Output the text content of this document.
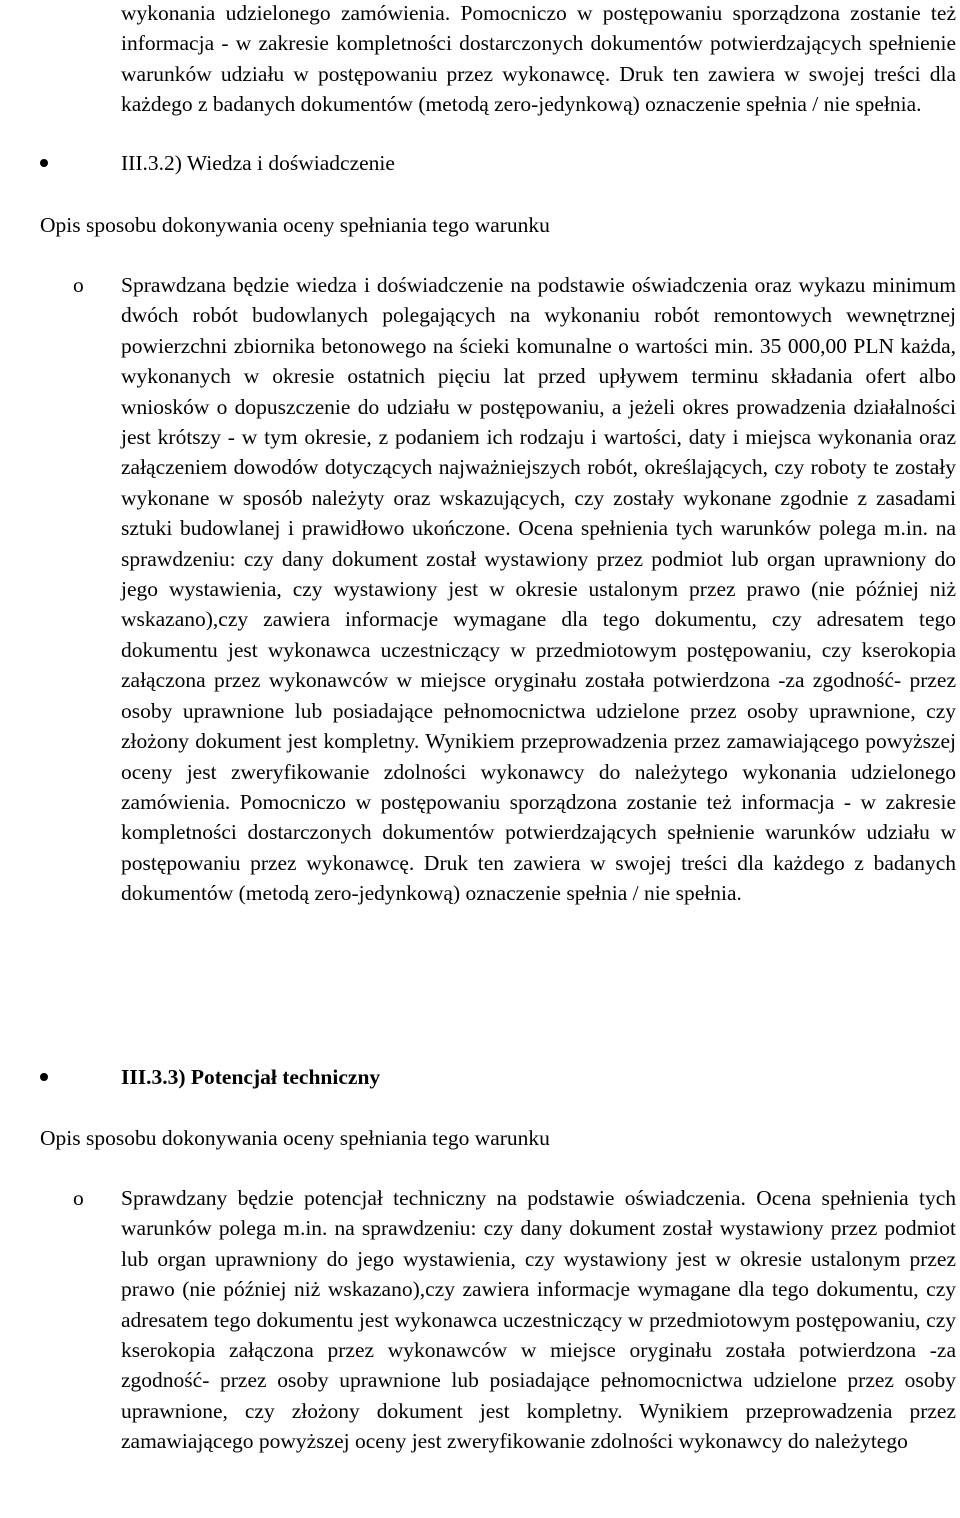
wykonania udzielonego zamówienia. Pomocniczo w postępowaniu sporządzona zostanie też informacja - w zakresie kompletności dostarczonych dokumentów potwierdzających spełnienie warunków udziału w postępowaniu przez wykonawcę. Druk ten zawiera w swojej treści dla każdego z badanych dokumentów (metodą zero-jedynkową) oznaczenie spełnia / nie spełnia.

III.3.2) Wiedza i doświadczenie
Opis sposobu dokonywania oceny spełniania tego warunku
o Sprawdzana będzie wiedza i doświadczenie na podstawie oświadczenia oraz wykazu minimum dwóch robót budowlanych polegających na wykonaniu robót remontowych wewnętrznej powierzchni zbiornika betonowego na ścieki komunalne o wartości min. 35 000,00 PLN każda, wykonanych w okresie ostatnich pięciu lat przed upływem terminu składania ofert albo wniosków o dopuszczenie do udziału w postępowaniu, a jeżeli okres prowadzenia działalności jest krótszy - w tym okresie, z podaniem ich rodzaju i wartości, daty i miejsca wykonania oraz załączeniem dowodów dotyczących najważniejszych robót, określających, czy roboty te zostały wykonane w sposób należyty oraz wskazujących, czy zostały wykonane zgodnie z zasadami sztuki budowlanej i prawidłowo ukończone. Ocena spełnienia tych warunków polega m.in. na sprawdzeniu: czy dany dokument został wystawiony przez podmiot lub organ uprawniony do jego wystawienia, czy wystawiony jest w okresie ustalonym przez prawo (nie później niż wskazano),czy zawiera informacje wymagane dla tego dokumentu, czy adresatem tego dokumentu jest wykonawca uczestniczący w przedmiotowym postępowaniu, czy kserokopia załączona przez wykonawców w miejsce oryginału została potwierdzona -za zgodność- przez osoby uprawnione lub posiadające pełnomocnictwa udzielone przez osoby uprawnione, czy złożony dokument jest kompletny. Wynikiem przeprowadzenia przez zamawiającego powyższej oceny jest zweryfikowanie zdolności wykonawcy do należytego wykonania udzielonego zamówienia. Pomocniczo w postępowaniu sporządzona zostanie też informacja - w zakresie kompletności dostarczonych dokumentów potwierdzających spełnienie warunków udziału w postępowaniu przez wykonawcę. Druk ten zawiera w swojej treści dla każdego z badanych dokumentów (metodą zero-jedynkową) oznaczenie spełnia / nie spełnia.

III.3.3) Potencjał techniczny
Opis sposobu dokonywania oceny spełniania tego warunku
o Sprawdzany będzie potencjał techniczny na podstawie oświadczenia. Ocena spełnienia tych warunków polega m.in. na sprawdzeniu: czy dany dokument został wystawiony przez podmiot lub organ uprawniony do jego wystawienia, czy wystawiony jest w okresie ustalonym przez prawo (nie później niż wskazano),czy zawiera informacje wymagane dla tego dokumentu, czy adresatem tego dokumentu jest wykonawca uczestniczący w przedmiotowym postępowaniu, czy kserokopia załączona przez wykonawców w miejsce oryginału została potwierdzona -za zgodność- przez osoby uprawnione lub posiadające pełnomocnictwa udzielone przez osoby uprawnione, czy złożony dokument jest kompletny. Wynikiem przeprowadzenia przez zamawiającego powyższej oceny jest zweryfikowanie zdolności wykonawcy do należytego
